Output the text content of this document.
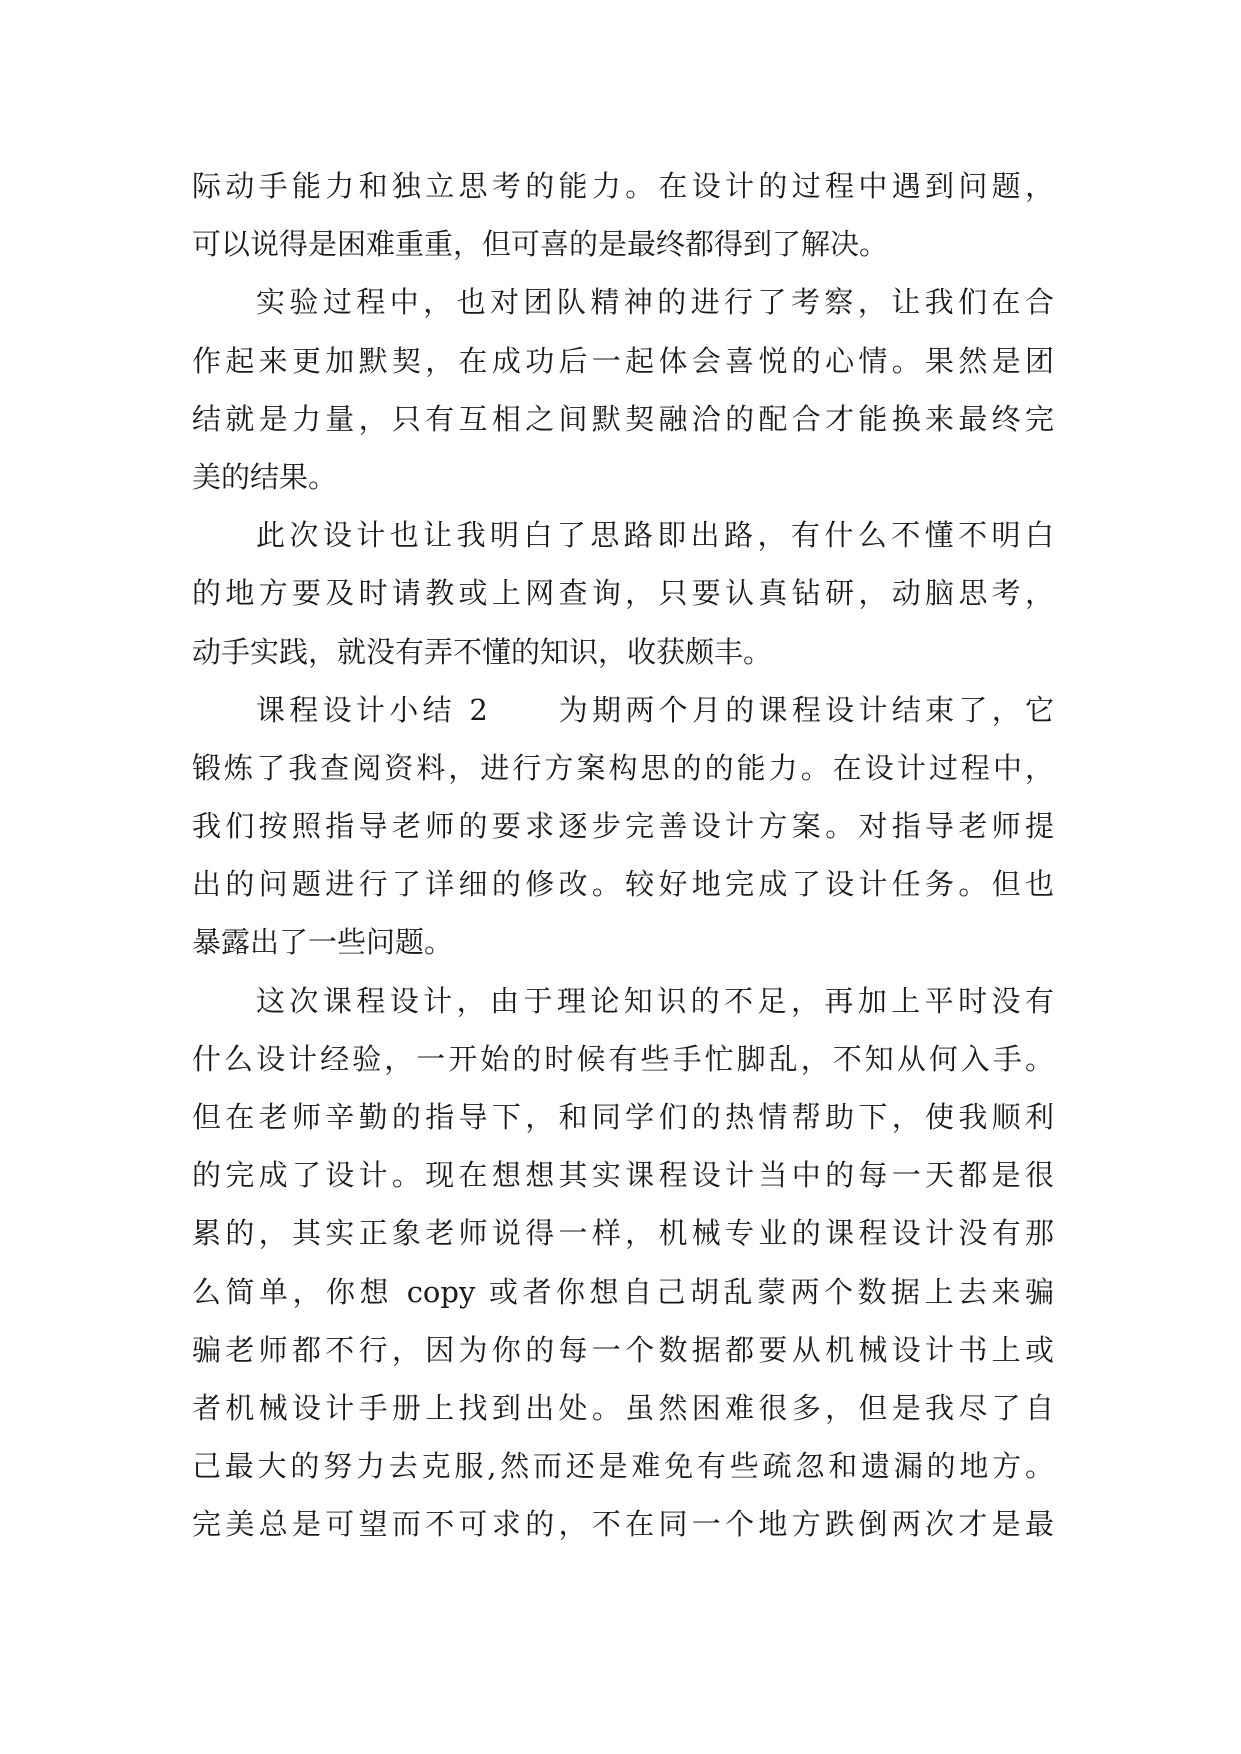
际动手能力和独立思考的能力。在设计的过程中遇到问题，
可以说得是困难重重，但可喜的是最终都得到了解决。
实验过程中，也对团队精神的进行了考察，让我们在合
作起来更加默契，在成功后一起体会喜悦的心情。果然是团
结就是力量，只有互相之间默契融洽的配合才能换来最终完
美的结果。
此次设计也让我明白了思路即出路，有什么不懂不明白
的地方要及时请教或上网查询，只要认真钻研，动脑思考，
动手实践，就没有弄不懂的知识，收获颇丰。
课程设计小结 2　　为期两个月的课程设计结束了，它
锻炼了我查阅资料，进行方案构思的的能力。在设计过程中，
我们按照指导老师的要求逐步完善设计方案。对指导老师提
出的问题进行了详细的修改。较好地完成了设计任务。但也
暴露出了一些问题。
这次课程设计，由于理论知识的不足，再加上平时没有
什么设计经验，一开始的时候有些手忙脚乱，不知从何入手。
但在老师辛勤的指导下，和同学们的热情帮助下，使我顺利
的完成了设计。现在想想其实课程设计当中的每一天都是很
累的，其实正象老师说得一样，机械专业的课程设计没有那
么简单，你想 copy 或者你想自己胡乱蒙两个数据上去来骗
骗老师都不行，因为你的每一个数据都要从机械设计书上或
者机械设计手册上找到出处。虽然困难很多，但是我尽了自
己最大的努力去克服,然而还是难免有些疏忽和遗漏的地方。
完美总是可望而不可求的，不在同一个地方跌倒两次才是最
